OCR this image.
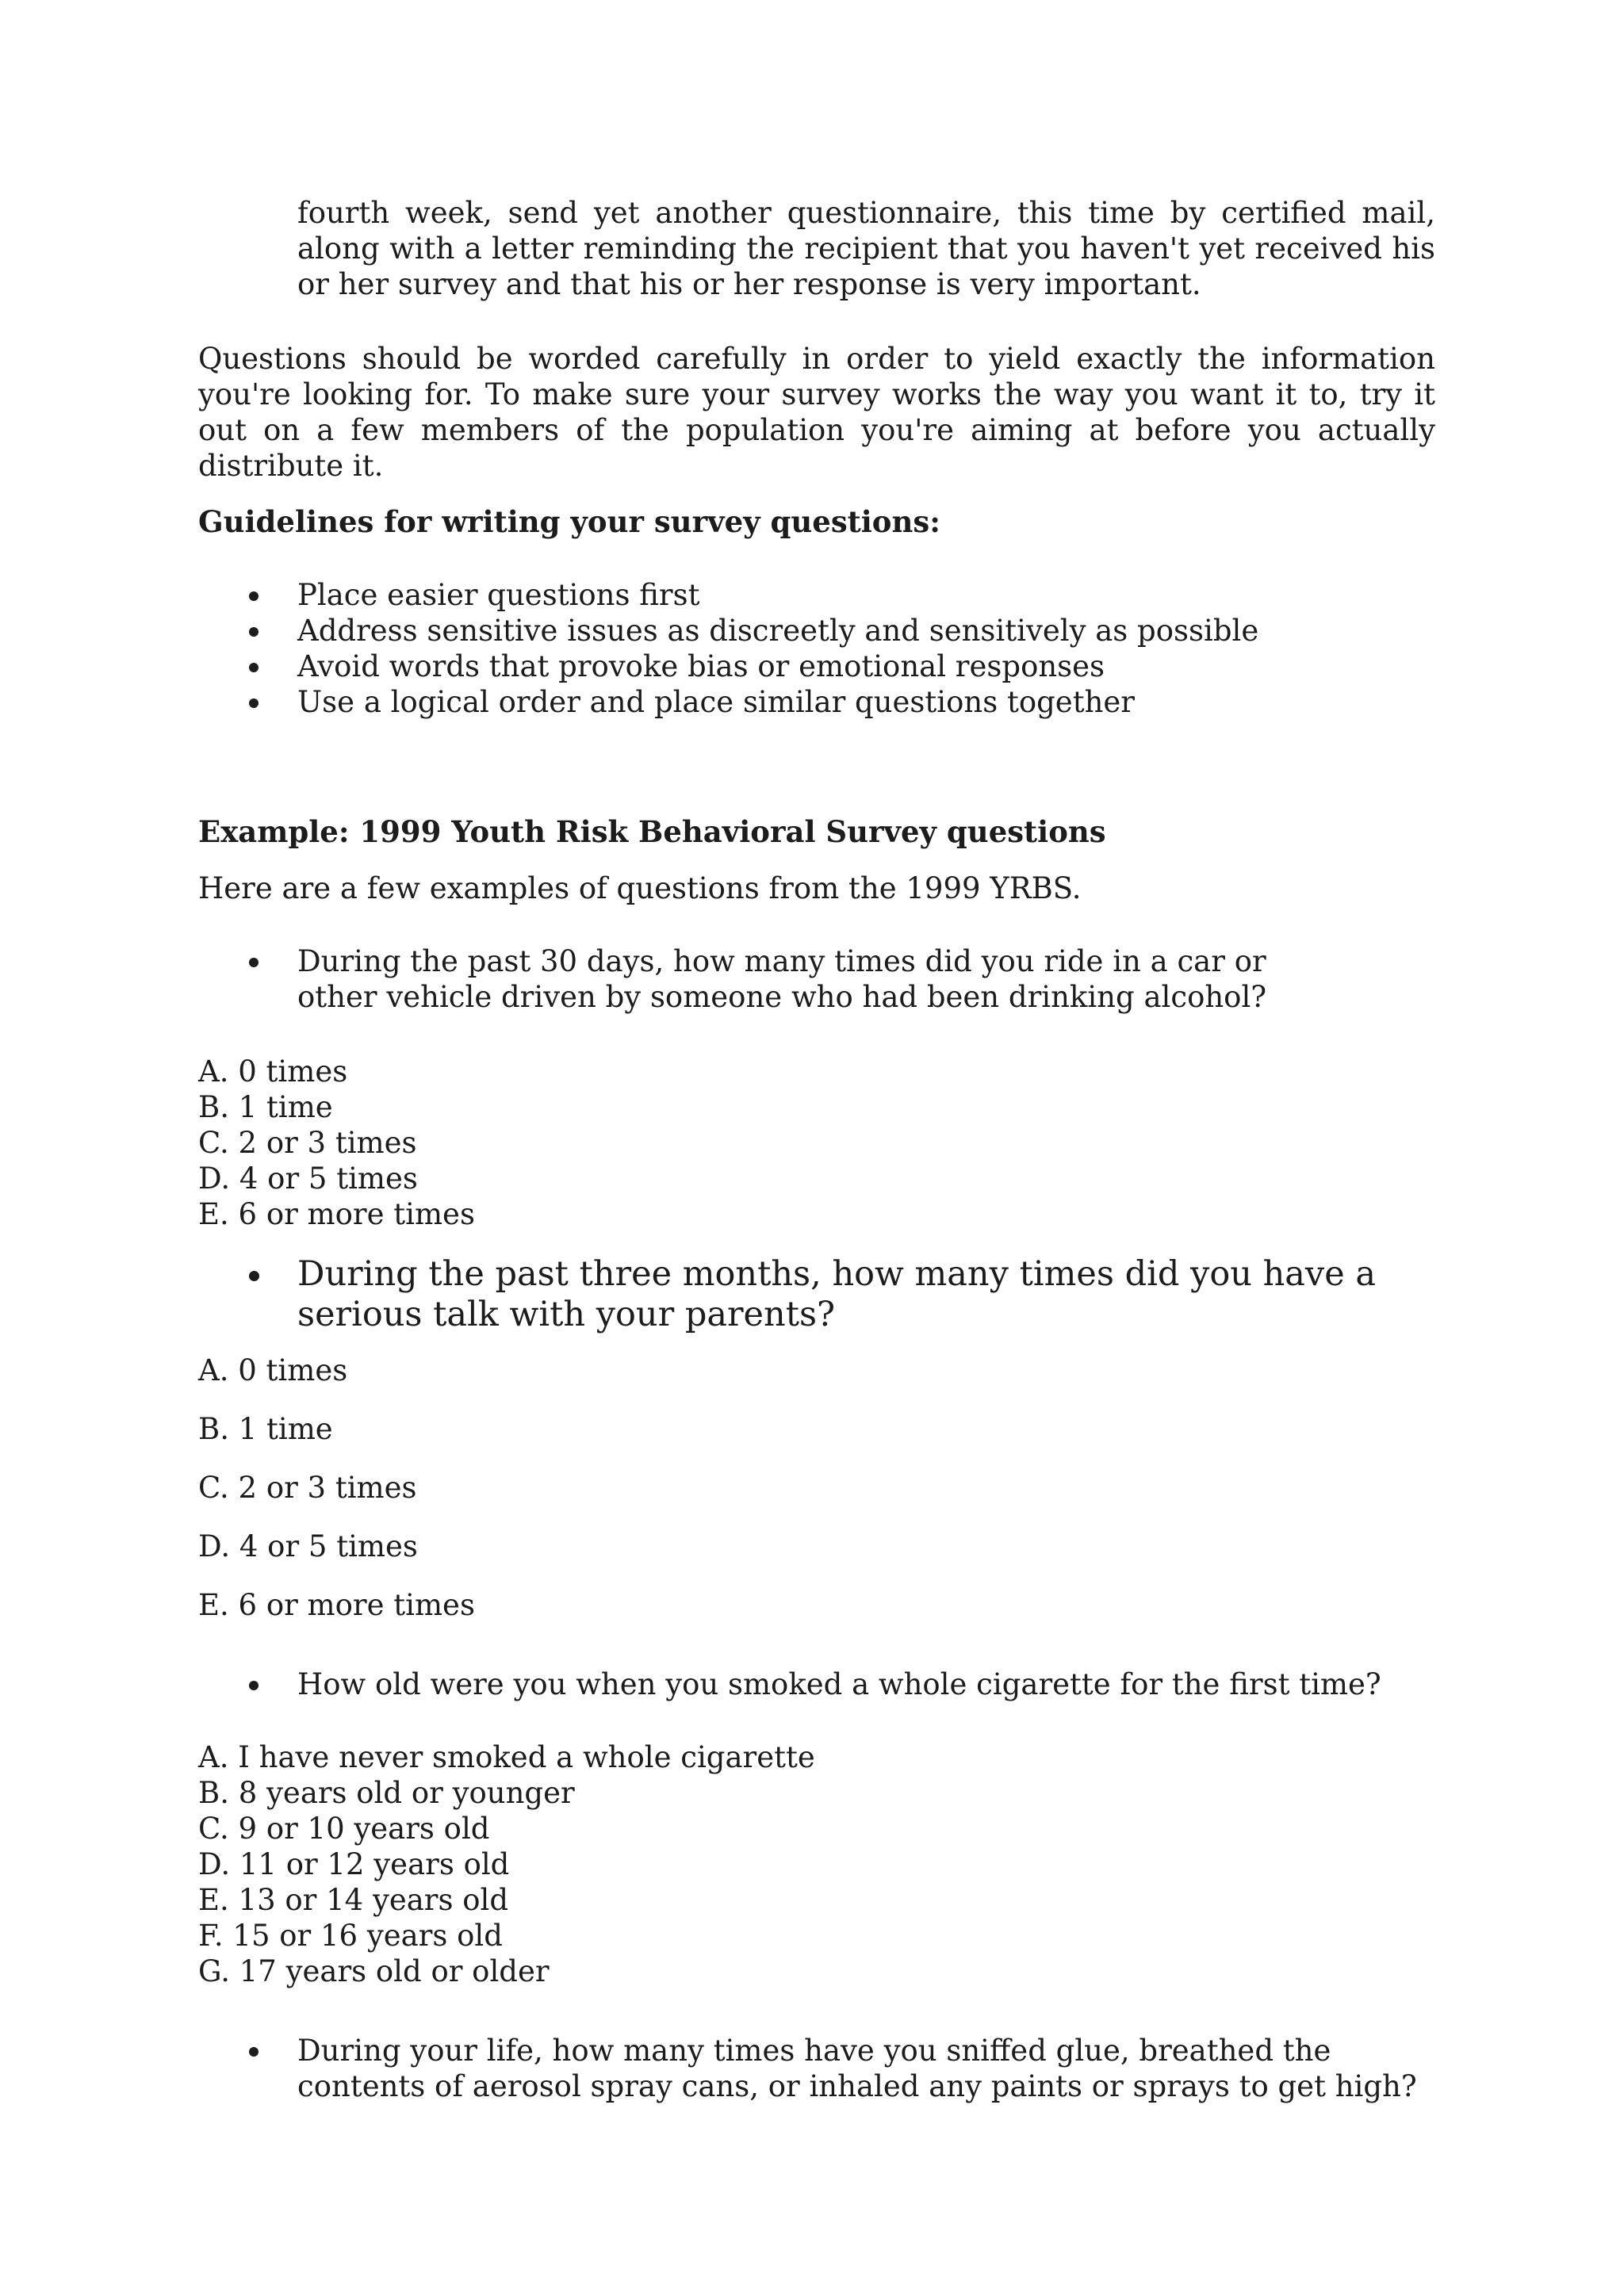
fourth week, send yet another questionnaire, this time by certified mail, along with a letter reminding the recipient that you haven't yet received his or her survey and that his or her response is very important.

Questions should be worded carefully in order to yield exactly the information you're looking for. To make sure your survey works the way you want it to, try it out on a few members of the population you're aiming at before you actually distribute it.

Guidelines for writing your survey questions:

Place easier questions first
Address sensitive issues as discreetly and sensitively as possible
Avoid words that provoke bias or emotional responses
Use a logical order and place similar questions together

Example: 1999 Youth Risk Behavioral Survey questions

Here are a few examples of questions from the 1999 YRBS.

During the past 30 days, how many times did you ride in a car or other vehicle driven by someone who had been drinking alcohol?
A. 0 times
B. 1 time
C. 2 or 3 times
D. 4 or 5 times
E. 6 or more times
During the past three months, how many times did you have a serious talk with your parents?
A. 0 times
B. 1 time
C. 2 or 3 times
D. 4 or 5 times
E. 6 or more times
How old were you when you smoked a whole cigarette for the first time?
A. I have never smoked a whole cigarette
B. 8 years old or younger
C. 9 or 10 years old
D. 11 or 12 years old
E. 13 or 14 years old
F. 15 or 16 years old
G. 17 years old or older
During your life, how many times have you sniffed glue, breathed the contents of aerosol spray cans, or inhaled any paints or sprays to get high?
